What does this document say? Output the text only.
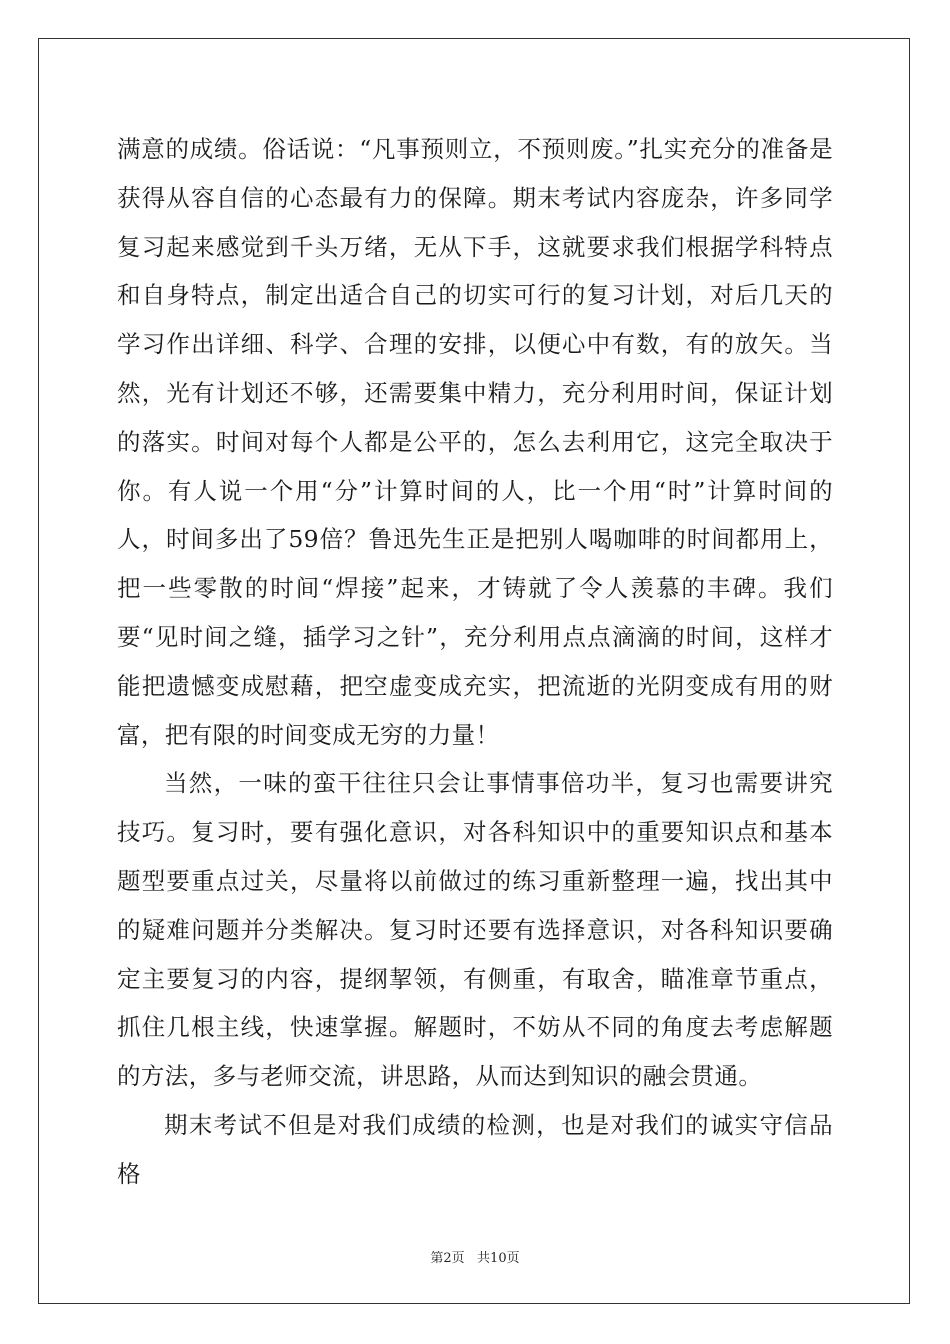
满意的成绩。俗话说：“凡事预则立，不预则废。”扎实充分的准备是获得从容自信的心态最有力的保障。期末考试内容庞杂，许多同学复习起来感觉到千头万绪，无从下手，这就要求我们根据学科特点和自身特点，制定出适合自己的切实可行的复习计划，对后几天的学习作出详细、科学、合理的安排，以便心中有数，有的放矢。当然，光有计划还不够，还需要集中精力，充分利用时间，保证计划的落实。时间对每个人都是公平的，怎么去利用它，这完全取决于你。有人说一个用“分”计算时间的人，比一个用“时”计算时间的人，时间多出了59倍？鲁迅先生正是把别人喝咖啡的时间都用上，把一些零散的时间“焊接”起来，才铸就了令人羡慕的丰碑。我们要“见时间之缝，插学习之针”，充分利用点点滴滴的时间，这样才能把遗憾变成慰藉，把空虚变成充实，把流逝的光阴变成有用的财富，把有限的时间变成无穷的力量！

当然，一味的蛮干往往只会让事情事倍功半，复习也需要讲究技巧。复习时，要有强化意识，对各科知识中的重要知识点和基本题型要重点过关，尽量将以前做过的练习重新整理一遍，找出其中的疑难问题并分类解决。复习时还要有选择意识，对各科知识要确定主要复习的内容，提纲挈领，有侧重，有取舍，瞄准章节重点，抓住几根主线，快速掌握。解题时，不妨从不同的角度去考虑解题的方法，多与老师交流，讲思路，从而达到知识的融会贯通。

期末考试不但是对我们成绩的检测，也是对我们的诚实守信品格

第2页   共10页
